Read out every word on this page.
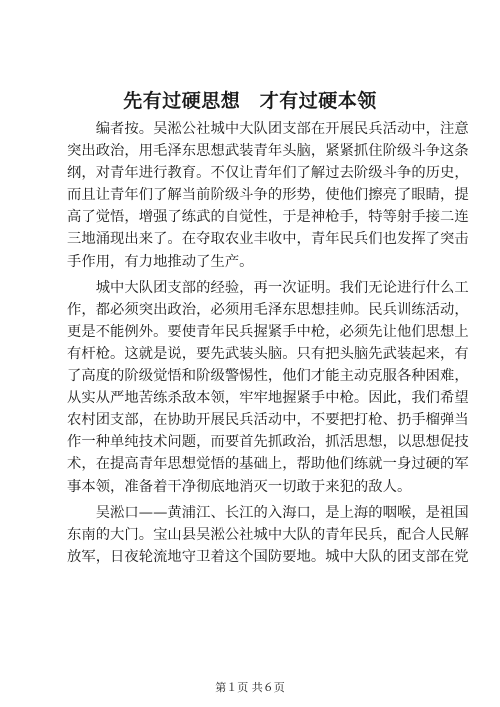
先有过硬思想　才有过硬本领
　　编者按。吴淞公社城中大队团支部在开展民兵活动中，注意
突出政治，用毛泽东思想武装青年头脑，紧紧抓住阶级斗争这条
纲，对青年进行教育。不仅让青年们了解过去阶级斗争的历史，
而且让青年们了解当前阶级斗争的形势，使他们擦亮了眼睛，提
高了觉悟，增强了练武的自觉性，于是神枪手，特等射手接二连
三地涌现出来了。在夺取农业丰收中，青年民兵们也发挥了突击
手作用，有力地推动了生产。
　　城中大队团支部的经验，再一次证明。我们无论进行什么工
作，都必须突出政治，必须用毛泽东思想挂帅。民兵训练活动，
更是不能例外。要使青年民兵握紧手中枪，必须先让他们思想上
有杆枪。这就是说，要先武装头脑。只有把头脑先武装起来，有
了高度的阶级觉悟和阶级警惕性，他们才能主动克服各种困难，
从实从严地苦练杀敌本领，牢牢地握紧手中枪。因此，我们希望
农村团支部，在协助开展民兵活动中，不要把打枪、扔手榴弹当
作一种单纯技术问题，而要首先抓政治，抓活思想，以思想促技
术，在提高青年思想觉悟的基础上，帮助他们练就一身过硬的军
事本领，准备着干净彻底地消灭一切敢于来犯的敌人。
　　吴淞口——黄浦江、长江的入海口，是上海的咽喉，是祖国
东南的大门。宝山县吴淞公社城中大队的青年民兵，配合人民解
放军，日夜轮流地守卫着这个国防要地。城中大队的团支部在党
第１页 共６页
